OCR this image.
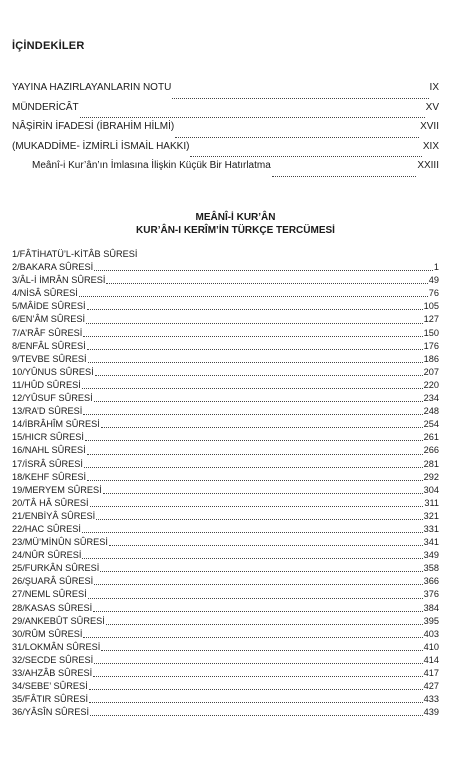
İÇİNDEKİLER
YAYINA HAZIRLAYANLARIN NOTU	IX
MÜNDERİCÂT	XV
NÂŞİRİN İFADESİ (İBRAHİM HİLMİ)	XVII
(MUKADDİME- İZMİRLİ İSMAİL HAKKI)	XIX
Meânî-i Kur’ân’ın İmlasına İlişkin Küçük Bir Hatırlatma	XXIII
MEÂNÎ-İ KUR’ÂN
KUR’ÂN-I KERÎM’İN TÜRKÇE TERCÜMESİ
1/FÂTİHATÜ’L-KİTÂB SÛRESİ
2/BAKARA SÛRESİ	1
3/ÂL-İ İMRÂN SÛRESİ	49
4/NİSÂ SÛRESİ	76
5/MÂİDE SÛRESİ	105
6/EN’ÂM SÛRESİ	127
7/A’RÂF SÛRESİ	150
8/ENFÂL SÛRESİ	176
9/TEVBE SÛRESİ	186
10/YÛNUS SÛRESİ	207
11/HÛD SÛRESİ	220
12/YÛSUF SÛRESİ	234
13/RA’D SÛRESİ	248
14/İBRÂHÎM SÛRESİ	254
15/HICR SÛRESİ	261
16/NAHL SÛRESİ	266
17/İSRÂ SÛRESİ	281
18/KEHF SÛRESİ	292
19/MERYEM SÛRESİ	304
20/TÂ HÂ SÛRESİ	311
21/ENBİYÂ SÛRESİ	321
22/HAC SÛRESİ	331
23/MÜ’MİNÛN SÛRESİ	341
24/NÛR SÛRESİ	349
25/FURKÂN SÛRESİ	358
26/ŞUARÂ SÛRESİ	366
27/NEML SÛRESİ	376
28/KASAS SÛRESİ	384
29/ANKEBÛT SÛRESİ	395
30/RÛM SÛRESİ	403
31/LOKMÂN SÛRESİ	410
32/SECDE SÛRESİ	414
33/AHZÂB SÛRESİ	417
34/SEBE’ SÛRESİ	427
35/FÂTIR SÛRESİ	433
36/YÂSÎN SÛRESİ	439
